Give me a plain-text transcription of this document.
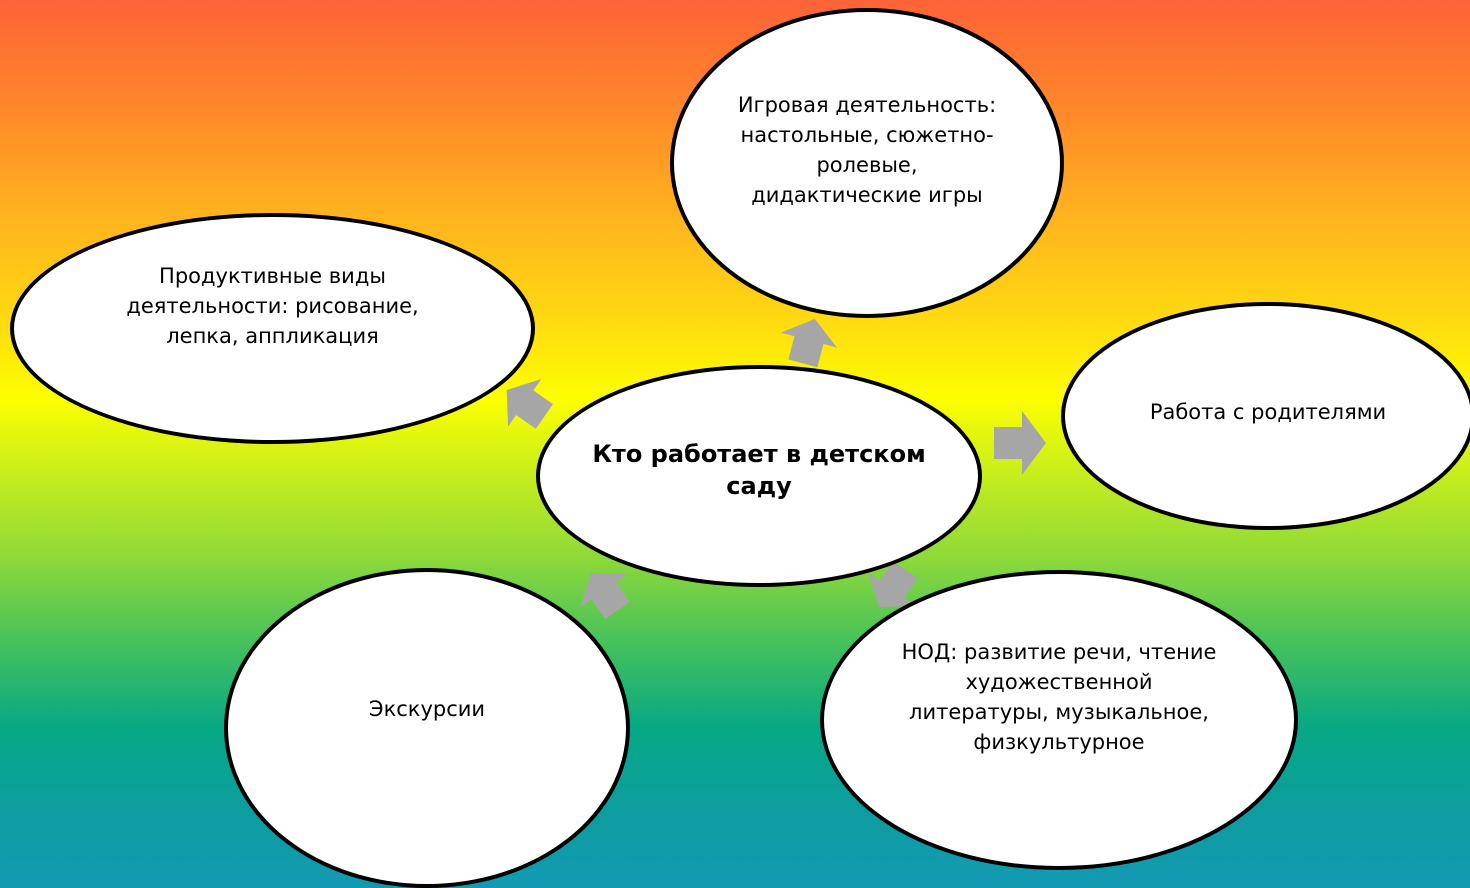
Игровая деятельность:
настольные, сюжетно-
ролевые,
дидактические игры
Продуктивные виды
деятельности: рисование,
лепка, аппликация
Работа с родителями
Кто работает в детском
саду
Экскурсии
НОД: развитие речи, чтение
художественной
литературы, музыкальное,
физкультурное
